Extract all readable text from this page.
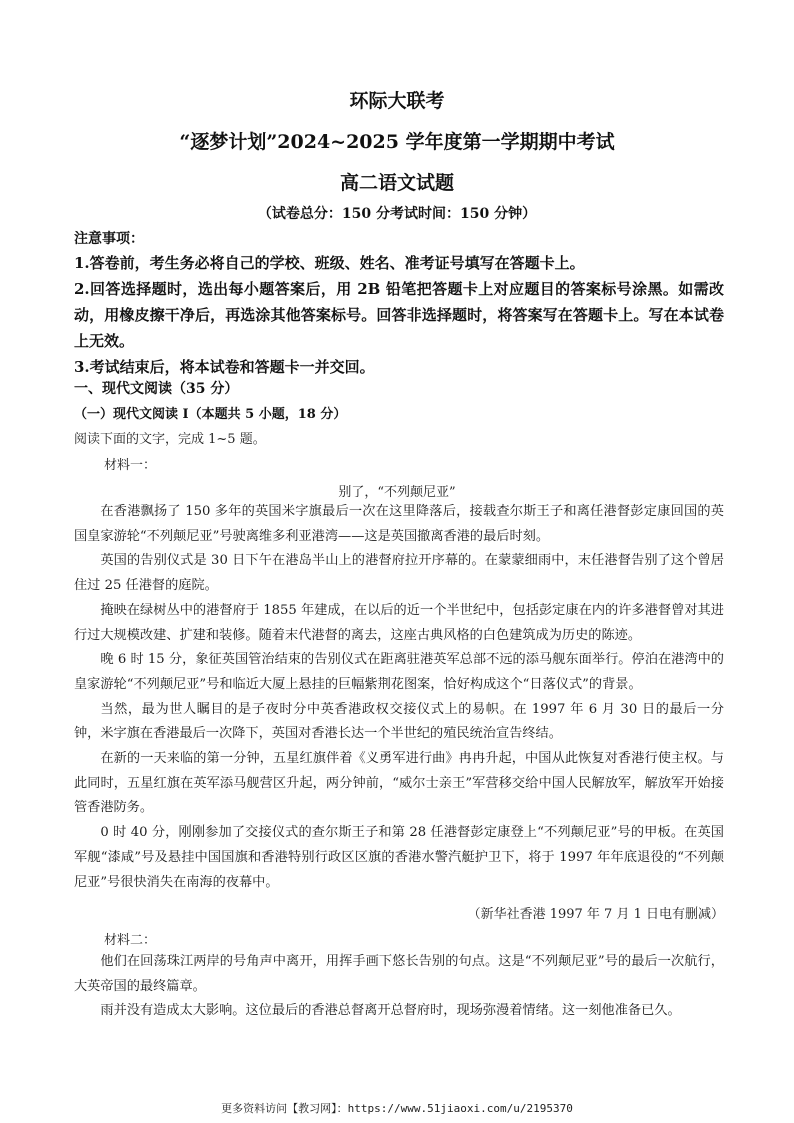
环际大联考
“逐梦计划”2024~2025 学年度第一学期期中考试
高二语文试题
（试卷总分：150 分考试时间：150 分钟）
注意事项：

1.答卷前，考生务必将自己的学校、班级、姓名、准考证号填写在答题卡上。

2.回答选择题时，选出每小题答案后，用 2B 铅笔把答题卡上对应题目的答案标号涂黑。如需改动，用橡皮擦干净后，再选涂其他答案标号。回答非选择题时，将答案写在答题卡上。写在本试卷上无效。

3.考试结束后，将本试卷和答题卡一并交回。

一、现代文阅读（35 分）
（一）现代文阅读 I（本题共 5 小题，18 分）
阅读下面的文字，完成 1~5 题。
材料一：
别了，“不列颠尼亚”

在香港飘扬了 150 多年的英国米字旗最后一次在这里降落后，接载查尔斯王子和离任港督彭定康回国的英国皇家游轮“不列颠尼亚”号驶离维多利亚港湾——这是英国撤离香港的最后时刻。

英国的告别仪式是 30 日下午在港岛半山上的港督府拉开序幕的。在蒙蒙细雨中，末任港督告别了这个曾居住过 25 任港督的庭院。

掩映在绿树丛中的港督府于 1855 年建成，在以后的近一个半世纪中，包括彭定康在内的许多港督曾对其进行过大规模改建、扩建和装修。随着末代港督的离去，这座古典风格的白色建筑成为历史的陈迹。

晚 6 时 15 分，象征英国管治结束的告别仪式在距离驻港英军总部不远的添马舰东面举行。停泊在港湾中的皇家游轮“不列颠尼亚”号和临近大厦上悬挂的巨幅紫荆花图案，恰好构成这个“日落仪式”的背景。

当然，最为世人瞩目的是子夜时分中英香港政权交接仪式上的易帜。在 1997 年 6 月 30 日的最后一分钟，米字旗在香港最后一次降下，英国对香港长达一个半世纪的殖民统治宣告终结。

在新的一天来临的第一分钟，五星红旗伴着《义勇军进行曲》冉冉升起，中国从此恢复对香港行使主权。与此同时，五星红旗在英军添马舰营区升起，两分钟前，“威尔士亲王”军营移交给中国人民解放军，解放军开始接管香港防务。

0 时 40 分，刚刚参加了交接仪式的查尔斯王子和第 28 任港督彭定康登上“不列颠尼亚”号的甲板。在英国军舰“漆咸”号及悬挂中国国旗和香港特别行政区区旗的香港水警汽艇护卫下，将于 1997 年年底退役的“不列颠尼亚”号很快消失在南海的夜幕中。

（新华社香港 1997 年 7 月 1 日电有删减）
材料二：

他们在回荡珠江两岸的号角声中离开，用挥手画下悠长告别的句点。这是“不列颠尼亚”号的最后一次航行，大英帝国的最终篇章。

雨并没有造成太大影响。这位最后的香港总督离开总督府时，现场弥漫着情绪。这一刻他准备已久。

更多资料访问【教习网】：https://www.51jiaoxi.com/u/2195370
